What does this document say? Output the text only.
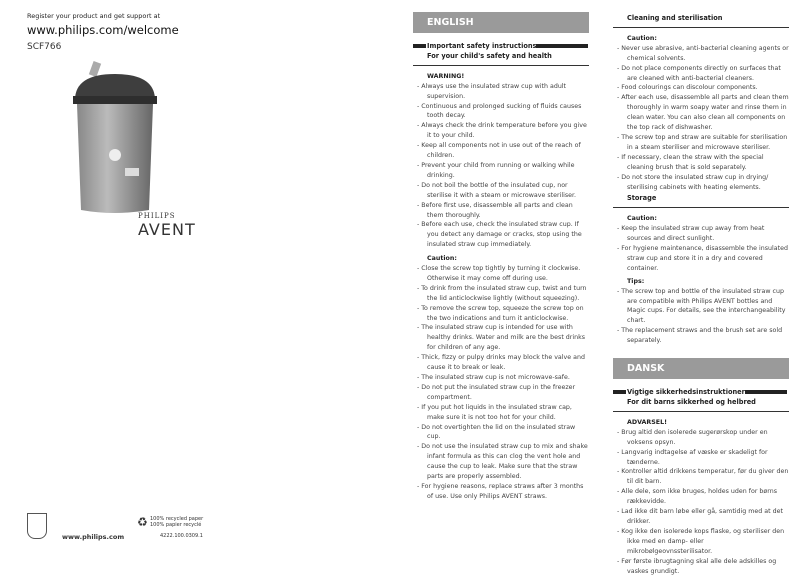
Register your product and get support at
www.philips.com/welcome
SCF766
PHILIPS
AVENT
www.philips.com
♻ 100% recycled paper
100% papier recyclé
4222.100.0309.1
ENGLISH
Important safety instructions
For your child's safety and health
WARNING!
- Always use the insulated straw cup with adult supervision.
- Continuous and prolonged sucking of fluids causes tooth decay.
- Always check the drink temperature before you give it to your child.
- Keep all components not in use out of the reach of children.
- Prevent your child from running or walking while drinking.
- Do not boil the bottle of the insulated cup, nor sterilise it with a steam or microwave steriliser.
- Before first use, disassemble all parts and clean them thoroughly.
- Before each use, check the insulated straw cup. If you detect any damage or cracks, stop using the insulated straw cup immediately.
Caution:
- Close the screw top tightly by turning it clockwise. Otherwise it may come off during use.
- To drink from the insulated straw cup, twist and turn the lid anticlockwise lightly (without squeezing).
- To remove the screw top, squeeze the screw top on the two indications and turn it anticlockwise.
- The insulated straw cup is intended for use with healthy drinks. Water and milk are the best drinks for children of any age.
- Thick, fizzy or pulpy drinks may block the valve and cause it to break or leak.
- The insulated straw cup is not microwave-safe.
- Do not put the insulated straw cup in the freezer compartment.
- If you put hot liquids in the insulated straw cap, make sure it is not too hot for your child.
- Do not overtighten the lid on the insulated straw cup.
- Do not use the insulated straw cup to mix and shake infant formula as this can clog the vent hole and cause the cup to leak. Make sure that the straw parts are properly assembled.
- For hygiene reasons, replace straws after 3 months of use. Use only Philips AVENT straws.
Cleaning and sterilisation
Caution:
- Never use abrasive, anti-bacterial cleaning agents or chemical solvents.
- Do not place components directly on surfaces that are cleaned with anti-bacterial cleaners.
- Food colourings can discolour components.
- After each use, disassemble all parts and clean them thoroughly in warm soapy water and rinse them in clean water. You can also clean all components on the top rack of dishwasher.
- The screw top and straw are suitable for sterilisation in a steam steriliser and microwave steriliser.
- If necessary, clean the straw with the special cleaning brush that is sold separately.
- Do not store the insulated straw cup in drying/ sterilising cabinets with heating elements.
Storage
Caution:
- Keep the insulated straw cup away from heat sources and direct sunlight.
- For hygiene maintenance, disassemble the insulated straw cup and store it in a dry and covered container.
Tips:
- The screw top and bottle of the insulated straw cup are compatible with Philips AVENT bottles and Magic cups. For details, see the interchangeability chart.
- The replacement straws and the brush set are sold separately.
DANSK
Vigtige sikkerhedsinstruktioner
For dit barns sikkerhed og helbred
ADVARSEL!
- Brug altid den isolerede sugerørskop under en voksens opsyn.
- Langvarig indtagelse af væske er skadeligt for tænderne.
- Kontroller altid drikkens temperatur, før du giver den til dit barn.
- Alle dele, som ikke bruges, holdes uden for børns rækkevidde.
- Lad ikke dit barn løbe eller gå, samtidig med at det drikker.
- Kog ikke den isolerede kops flaske, og steriliser den ikke med en damp- eller mikrobølgeovnssterilisator.
- Før første ibrugtagning skal alle dele adskilles og vaskes grundigt.
